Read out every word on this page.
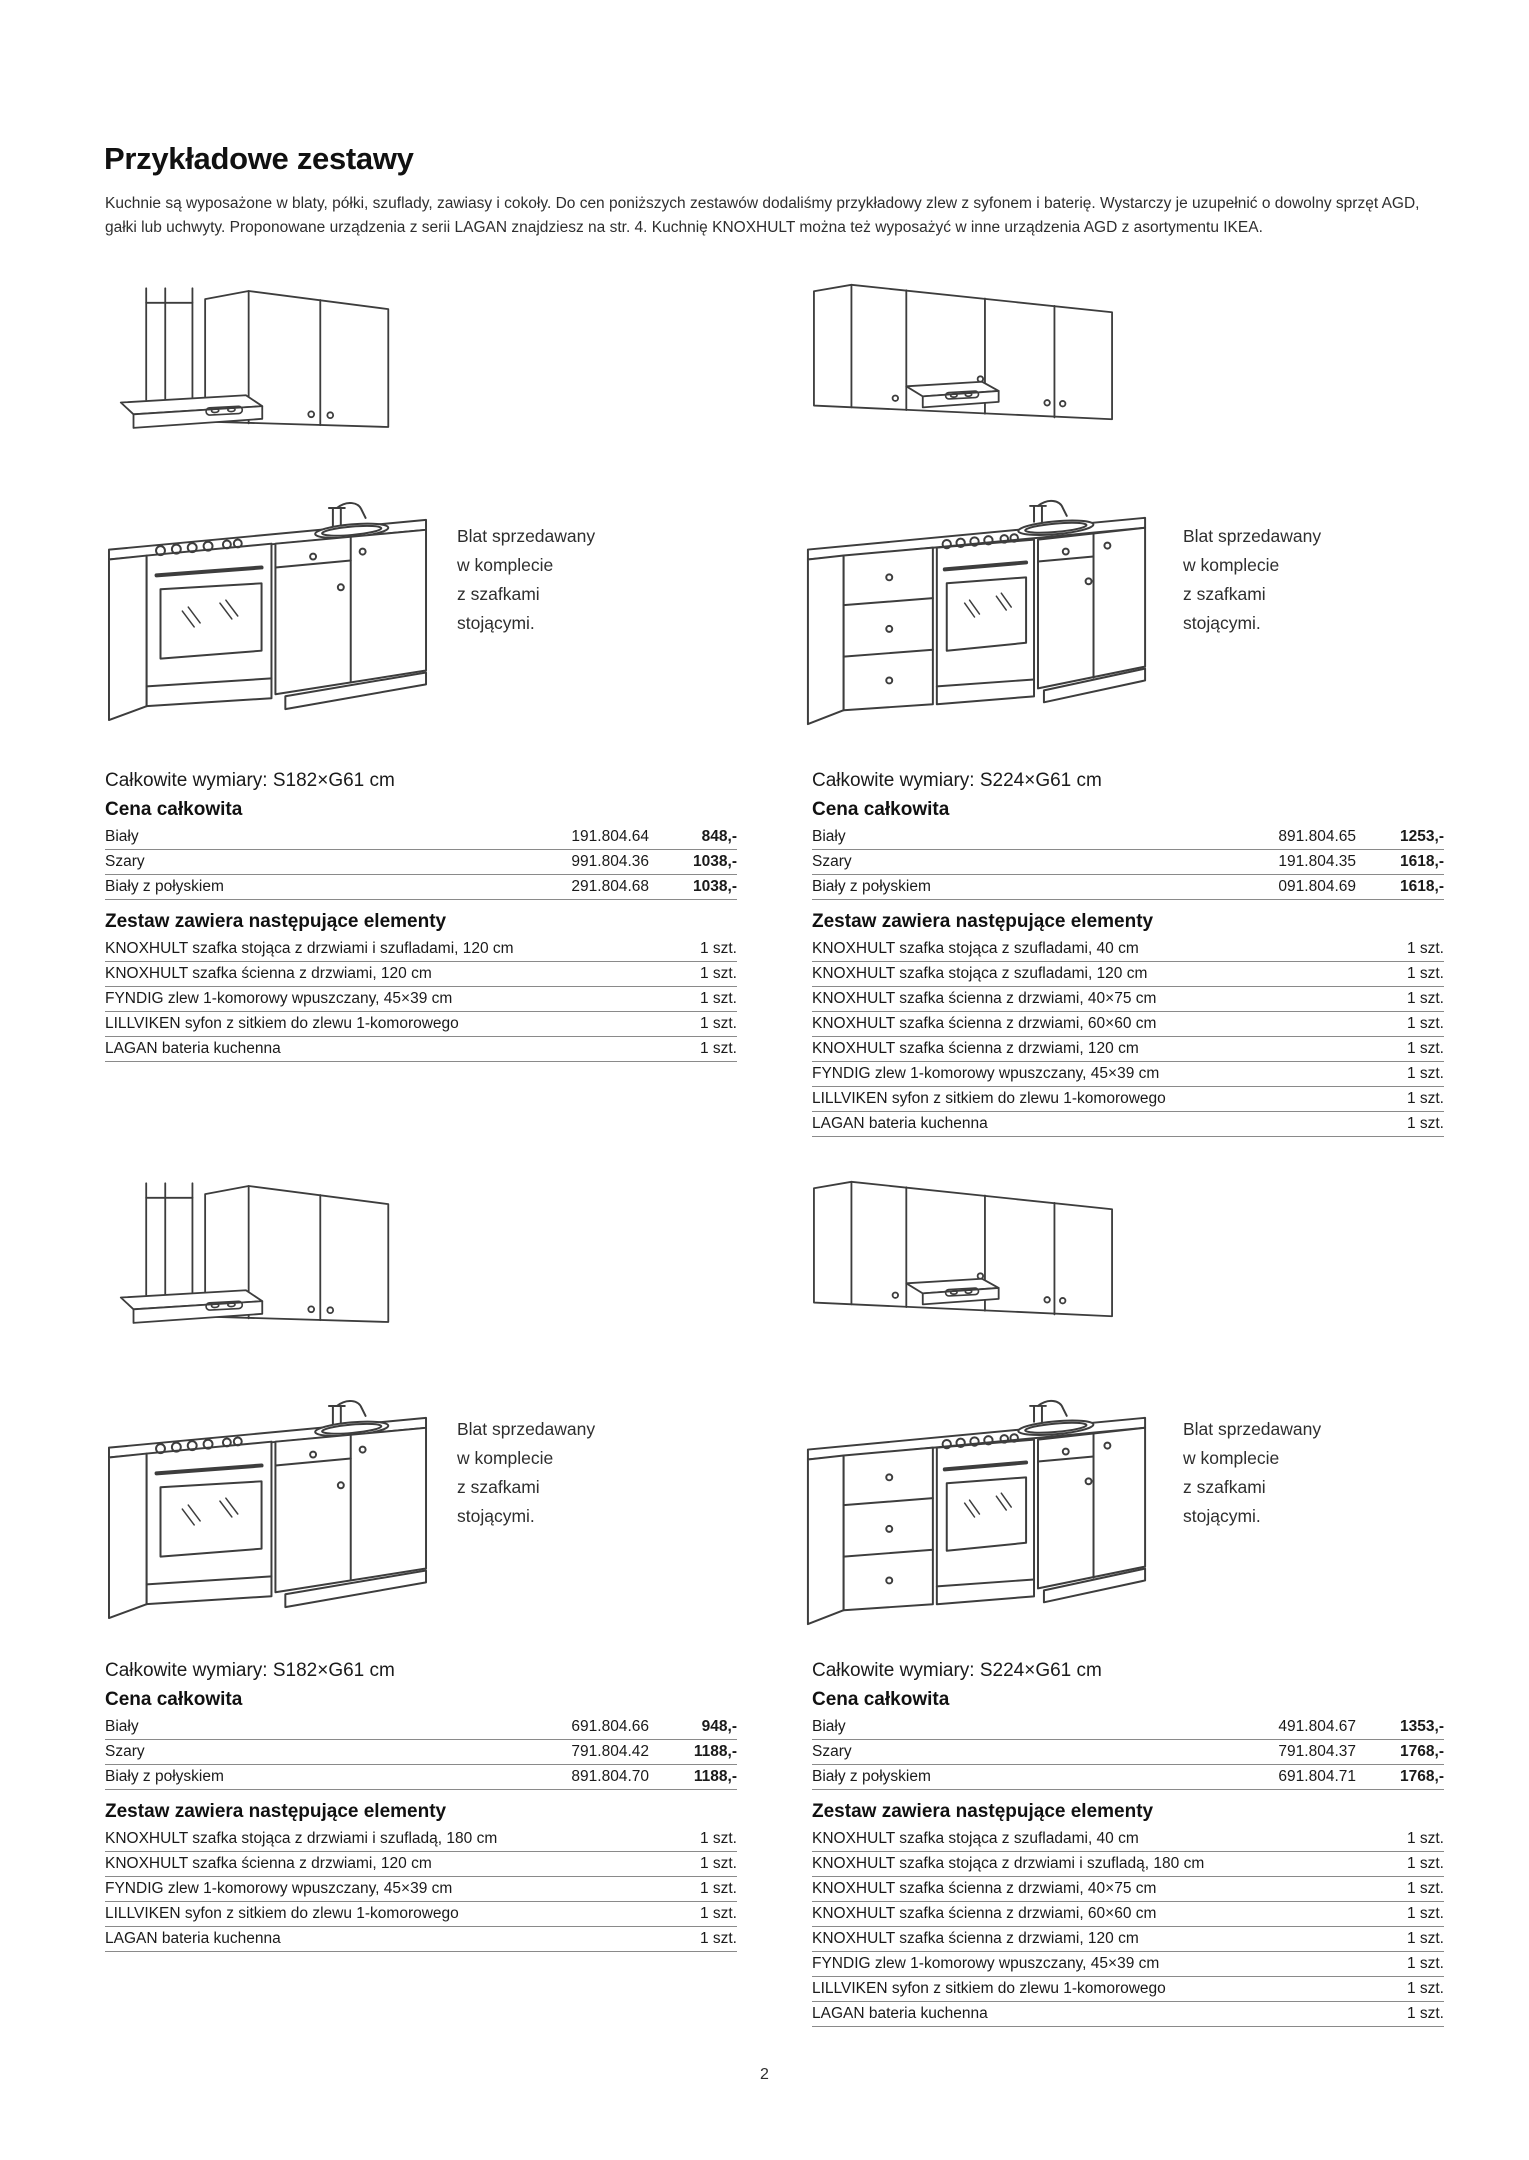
Przykładowe zestawy

Kuchnie są wyposażone w blaty, półki, szuflady, zawiasy i cokoły. Do cen poniższych zestawów dodaliśmy przykładowy zlew z syfonem i baterię. Wystarczy je uzupełnić o dowolny sprzęt AGD, gałki lub uchwyty. Proponowane urządzenia z serii LAGAN znajdziesz na str. 4. Kuchnię KNOXHULT można też wyposażyć w inne urządzenia AGD z asortymentu IKEA.

Blat sprzedawany
w komplecie
z szafkami
stojącymi.
Całkowite wymiary: S182×G61 cm
Cena całkowita
Biały	191.804.64	848,-
Szary	991.804.36	1038,-
Biały z połyskiem	291.804.68	1038,-
Zestaw zawiera następujące elementy
KNOXHULT szafka stojąca z drzwiami i szufladami, 120 cm	1 szt.
KNOXHULT szafka ścienna z drzwiami, 120 cm	1 szt.
FYNDIG zlew 1-komorowy wpuszczany, 45×39 cm	1 szt.
LILLVIKEN syfon z sitkiem do zlewu 1-komorowego	1 szt.
LAGAN bateria kuchenna	1 szt.
Blat sprzedawany
w komplecie
z szafkami
stojącymi.
Całkowite wymiary: S224×G61 cm
Cena całkowita
Biały	891.804.65	1253,-
Szary	191.804.35	1618,-
Biały z połyskiem	091.804.69	1618,-
Zestaw zawiera następujące elementy
KNOXHULT szafka stojąca z szufladami, 40 cm	1 szt.
KNOXHULT szafka stojąca z szufladami, 120 cm	1 szt.
KNOXHULT szafka ścienna z drzwiami, 40×75 cm	1 szt.
KNOXHULT szafka ścienna z drzwiami, 60×60 cm	1 szt.
KNOXHULT szafka ścienna z drzwiami, 120 cm	1 szt.
FYNDIG zlew 1-komorowy wpuszczany, 45×39 cm	1 szt.
LILLVIKEN syfon z sitkiem do zlewu 1-komorowego	1 szt.
LAGAN bateria kuchenna	1 szt.
Blat sprzedawany
w komplecie
z szafkami
stojącymi.
Całkowite wymiary: S182×G61 cm
Cena całkowita
Biały	691.804.66	948,-
Szary	791.804.42	1188,-
Biały z połyskiem	891.804.70	1188,-
Zestaw zawiera następujące elementy
KNOXHULT szafka stojąca z drzwiami i szufladą, 180 cm	1 szt.
KNOXHULT szafka ścienna z drzwiami, 120 cm	1 szt.
FYNDIG zlew 1-komorowy wpuszczany, 45×39 cm	1 szt.
LILLVIKEN syfon z sitkiem do zlewu 1-komorowego	1 szt.
LAGAN bateria kuchenna	1 szt.
Blat sprzedawany
w komplecie
z szafkami
stojącymi.
Całkowite wymiary: S224×G61 cm
Cena całkowita
Biały	491.804.67	1353,-
Szary	791.804.37	1768,-
Biały z połyskiem	691.804.71	1768,-
Zestaw zawiera następujące elementy
KNOXHULT szafka stojąca z szufladami, 40 cm	1 szt.
KNOXHULT szafka stojąca z drzwiami i szufladą, 180 cm	1 szt.
KNOXHULT szafka ścienna z drzwiami, 40×75 cm	1 szt.
KNOXHULT szafka ścienna z drzwiami, 60×60 cm	1 szt.
KNOXHULT szafka ścienna z drzwiami, 120 cm	1 szt.
FYNDIG zlew 1-komorowy wpuszczany, 45×39 cm	1 szt.
LILLVIKEN syfon z sitkiem do zlewu 1-komorowego	1 szt.
LAGAN bateria kuchenna	1 szt.
2
